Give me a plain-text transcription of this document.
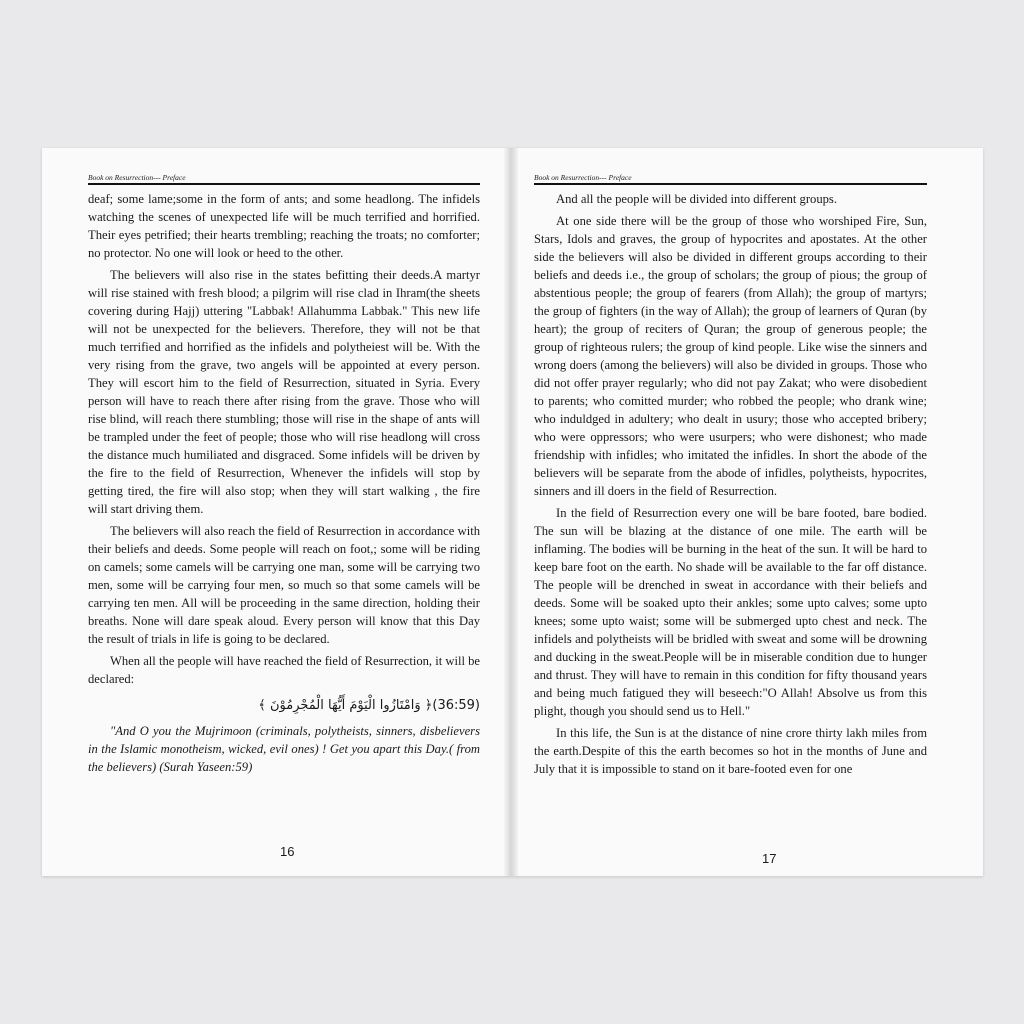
Book on Resurrection--- Preface

deaf; some lame;some in the form of ants; and some headlong. The infidels watching the scenes of unexpected life will be much terrified and horrified. Their eyes petrified; their hearts trembling; reaching the troats; no comforter; no protector. No one will look or heed to the other.

The believers will also rise in the states befitting their deeds.A martyr will rise stained with fresh blood; a pilgrim will rise clad in Ihram(the sheets covering during Hajj) uttering "Labbak! Allahumma Labbak." This new life will not be unexpected for the believers. Therefore, they will not be that much terrified and horrified as the infidels and polytheiest will be. With the very rising from the grave, two angels will be appointed at every person. They will escort him to the field of Resurrection, situated in Syria. Every person will have to reach there after rising from the grave. Those who will rise blind, will reach there stumbling; those will rise in the shape of ants will be trampled under the feet of people; those who will rise headlong will cross the distance much humiliated and disgraced. Some infidels will be driven by the fire to the field of Resurrection, Whenever the infidels will stop by getting tired, the fire will also stop; when they will start walking , the fire will start driving them.

The believers will also reach the field of Resurrection in accordance with their beliefs and deeds. Some people will reach on foot,; some will be riding on camels; some camels will be carrying one man, some will be carrying two men, some will be carrying four men, so much so that some camels will be carrying ten men. All will be proceeding in the same direction, holding their breaths. None will dare speak aloud. Every person will know that this Day the result of trials in life is going to be declared.

When all the people will have reached the field of Resurrection, it will be declared:

(36:59)﴿ وَامْتَازُوا الْيَوْمَ أَيُّهَا الْمُجْرِمُوْنَ ﴾

"And O you the Mujrimoon (criminals, polytheists, sinners, disbelievers in the Islamic monotheism, wicked, evil ones) ! Get you apart this Day.( from the believers) (Surah Yaseen:59)

16
Book on Resurrection--- Preface

And all the people will be divided into different groups.

At one side there will be the group of those who worshiped Fire, Sun, Stars, Idols and graves, the group of hypocrites and apostates. At the other side the believers will also be divided in different groups according to their beliefs and deeds i.e., the group of scholars; the group of pious; the group of abstentious people; the group of fearers (from Allah); the group of martyrs; the group of fighters (in the way of Allah); the group of learners of Quran (by heart); the group of reciters of Quran; the group of generous people; the group of righteous rulers; the group of kind people. Like wise the sinners and wrong doers (among the believers) will also be divided in groups. Those who did not offer prayer regularly; who did not pay Zakat; who were disobedient to parents; who comitted murder; who robbed the people; who drank wine; who induldged in adultery; who dealt in usury; those who accepted bribery; who were oppressors; who were usurpers; who were dishonest; who made friendship with infidles; who imitated the infidles. In short the abode of the believers will be separate from the abode of infidles, polytheists, hypocrites, sinners and ill doers in the field of Resurrection.

In the field of Resurrection every one will be bare footed, bare bodied. The sun will be blazing at the distance of one mile. The earth will be inflaming. The bodies will be burning in the heat of the sun. It will be hard to keep bare foot on the earth. No shade will be available to the far off distance. The people will be drenched in sweat in accordance with their beliefs and deeds. Some will be soaked upto their ankles; some upto calves; some upto knees; some upto waist; some will be submerged upto chest and neck. The infidels and polytheists will be bridled with sweat and some will be drowning and ducking in the sweat.People will be in miserable condition due to hunger and thrust. They will have to remain in this condition for fifty thousand years and being much fatigued they will beseech:"O Allah! Absolve us from this plight, though you should send us to Hell."

In this life, the Sun is at the distance of nine crore thirty lakh miles from the earth.Despite of this the earth becomes so hot in the months of June and July that it is impossible to stand on it bare-footed even for one

17
